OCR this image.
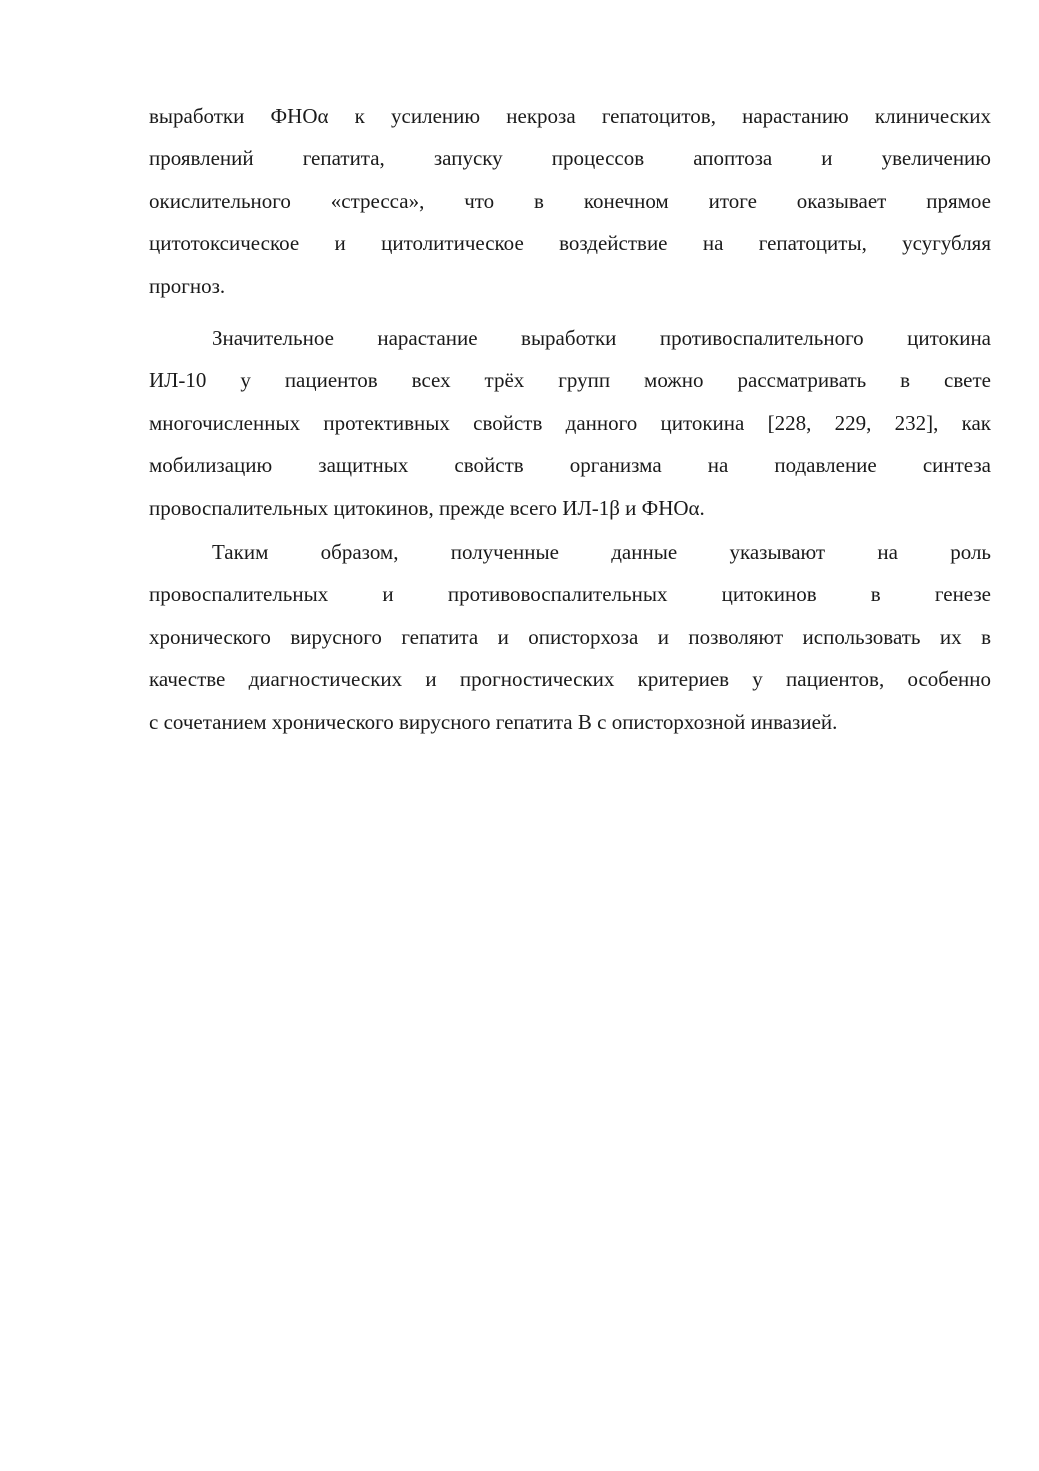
выработки ФНОα к усилению некроза гепатоцитов, нарастанию клинических
проявлений гепатита, запуску процессов апоптоза и увеличению
окислительного «стресса», что в конечном итоге оказывает прямое
цитотоксическое и цитолитическое воздействие на гепатоциты, усугубляя
прогноз.
Значительное нарастание выработки противоспалительного цитокина
ИЛ-10 у пациентов всех трёх групп можно рассматривать в свете
многочисленных протективных свойств данного цитокина [228, 229, 232], как
мобилизацию защитных свойств организма на подавление синтеза
провоспалительных цитокинов, прежде всего ИЛ-1β и ФНОα.
Таким образом, полученные данные указывают на роль
провоспалительных и противовоспалительных цитокинов в генезе
хронического вирусного гепатита и описторхоза и позволяют использовать их в
качестве диагностических и прогностических критериев у пациентов, особенно
с сочетанием хронического вирусного гепатита В с описторхозной инвазией.
